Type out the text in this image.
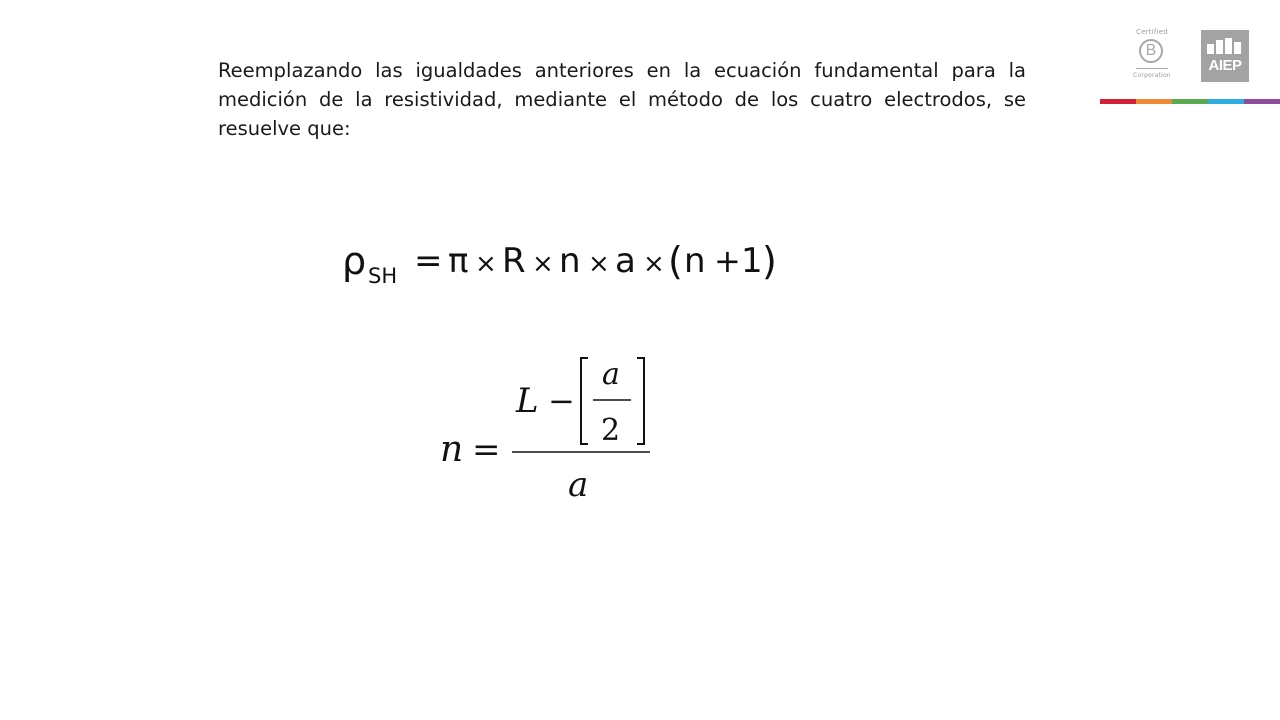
Reemplazando las igualdades anteriores en la ecuación fundamental para la medición de la resistividad, mediante el método de los cuatro electrodos, se resuelve que:

Certified
B
Corporation
AIEP
ρ SH = π × R × n × a × ( n + 1 )
n =
L −
a
2
a
